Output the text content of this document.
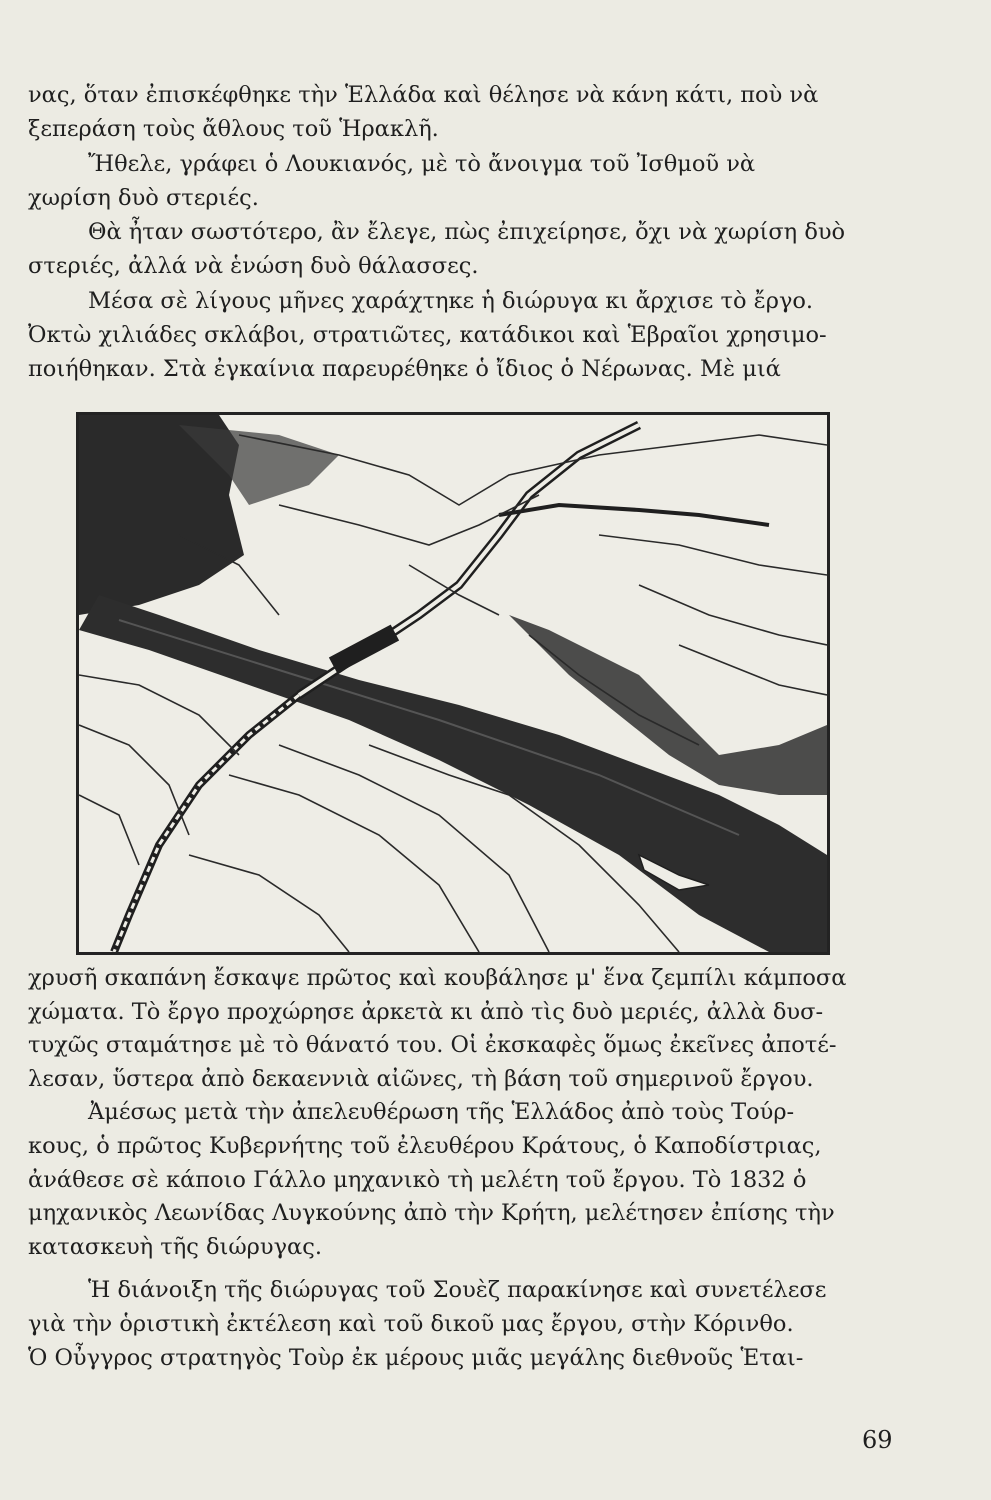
νας, ὅταν ἐπισκέφθηκε τὴν Ἑλλάδα καὶ θέλησε νὰ κάνη κάτι, ποὺ νὰ
ξεπεράση τοὺς ἄθλους τοῦ Ἡρακλῆ.
Ἤθελε, γράφει ὁ Λουκιανός, μὲ τὸ ἄνοιγμα τοῦ Ἰσθμοῦ νὰ
χωρίση δυὸ στεριές.
Θὰ ἦταν σωστότερο, ἂν ἔλεγε, πὼς ἐπιχείρησε, ὄχι νὰ χωρίση δυὸ
στεριές, ἀλλά νὰ ἑνώση δυὸ θάλασσες.
Μέσα σὲ λίγους μῆνες χαράχτηκε ἡ διώρυγα κι ἄρχισε τὸ ἔργο.
Ὀκτὼ χιλιάδες σκλάβοι, στρατιῶτες, κατάδικοι καὶ Ἑβραῖοι χρησιμο-
ποιήθηκαν. Στὰ ἐγκαίνια παρευρέθηκε ὁ ἴδιος ὁ Νέρωνας. Μὲ μιά
χρυσῆ σκαπάνη ἔσκαψε πρῶτος καὶ κουβάλησε μ' ἕνα ζεμπίλι κάμποσα
χώματα. Τὸ ἔργο προχώρησε ἀρκετὰ κι ἀπὸ τὶς δυὸ μεριές, ἀλλὰ δυσ-
τυχῶς σταμάτησε μὲ τὸ θάνατό του. Οἱ ἐκσκαφὲς ὅμως ἐκεῖνες ἀποτέ-
λεσαν, ὕστερα ἀπὸ δεκαεννιὰ αἰῶνες, τὴ βάση τοῦ σημερινοῦ ἔργου.
Ἀμέσως μετὰ τὴν ἀπελευθέρωση τῆς Ἑλλάδος ἀπὸ τοὺς Τούρ-
κους, ὁ πρῶτος Κυβερνήτης τοῦ ἐλευθέρου Κράτους, ὁ Καποδίστριας,
ἀνάθεσε σὲ κάποιο Γάλλο μηχανικὸ τὴ μελέτη τοῦ ἔργου. Τὸ 1832 ὁ
μηχανικὸς Λεωνίδας Λυγκούνης ἀπὸ τὴν Κρήτη, μελέτησεν ἐπίσης τὴν
κατασκευὴ τῆς διώρυγας.
Ἡ διάνοιξη τῆς διώρυγας τοῦ Σουὲζ παρακίνησε καὶ συνετέλεσε
γιὰ τὴν ὁριστικὴ ἐκτέλεση καὶ τοῦ δικοῦ μας ἔργου, στὴν Κόρινθο.
Ὁ Οὖγγρος στρατηγὸς Τοὺρ ἐκ μέρους μιᾶς μεγάλης διεθνοῦς Ἑται-
69
